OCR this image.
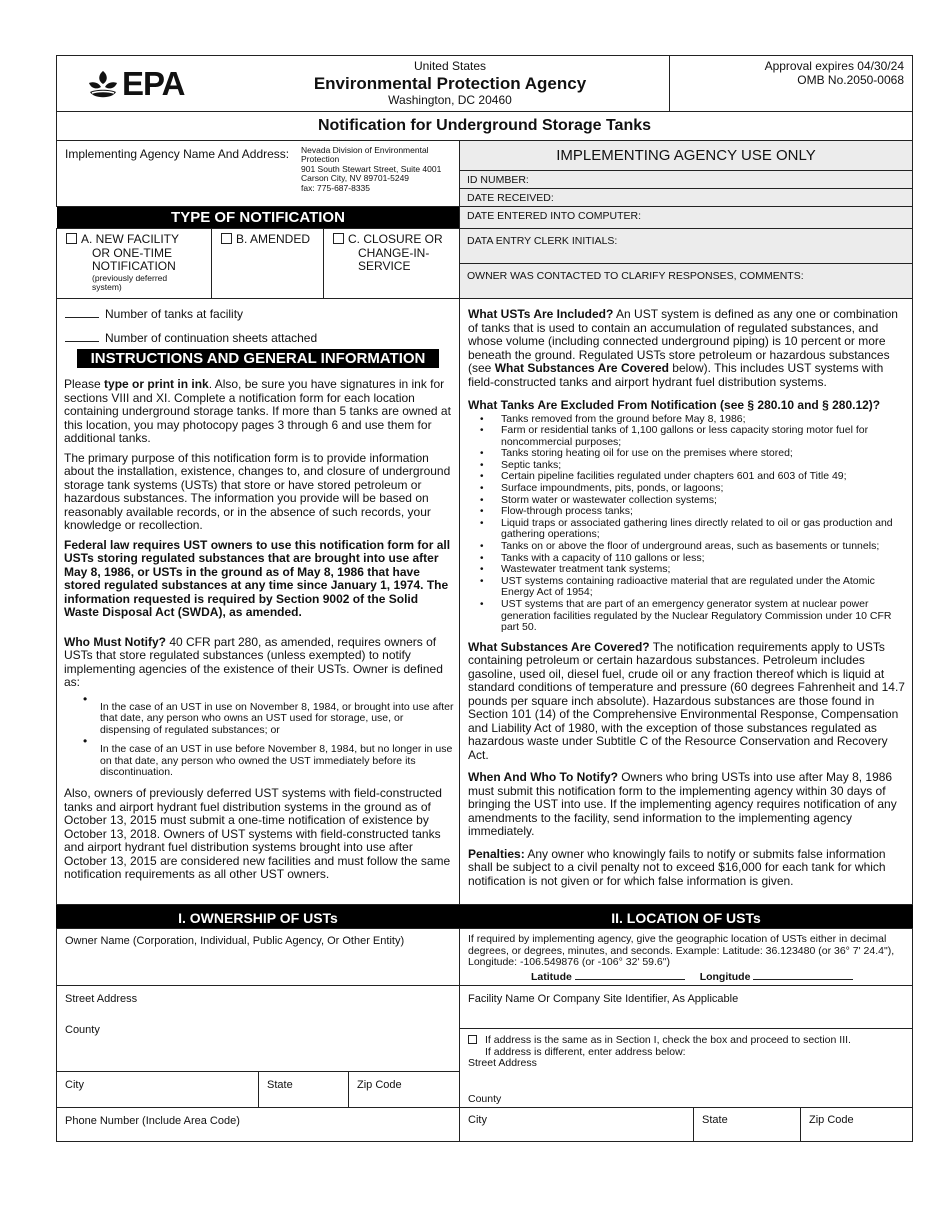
EPA	United States
Environmental Protection Agency
Washington, DC 20460
Approval expires 04/30/24
OMB No.2050-0068
Notification for Underground Storage Tanks
Implementing Agency Name And Address: Nevada Division of Environmental Protection
901 South Stewart Street, Suite 4001
Carson City, NV 89701-5249
fax: 775-687-8335
IMPLEMENTING AGENCY USE ONLY
ID NUMBER:
DATE RECEIVED:
DATE ENTERED INTO COMPUTER:
DATA ENTRY CLERK INITIALS:
OWNER WAS CONTACTED TO CLARIFY RESPONSES, COMMENTS:
TYPE OF NOTIFICATION
A. NEW FACILITY
OR ONE-TIME
NOTIFICATION
(previously deferred
system)
B. AMENDED	C. CLOSURE OR
CHANGE-IN-
SERVICE
Number of tanks at facility
Number of continuation sheets attached
INSTRUCTIONS AND GENERAL INFORMATION

Please type or print in ink. Also, be sure you have signatures in ink for sections VIII and XI. Complete a notification form for each location containing underground storage tanks. If more than 5 tanks are owned at this location, you may photocopy pages 3 through 6 and use them for additional tanks.

The primary purpose of this notification form is to provide information about the installation, existence, changes to, and closure of underground storage tank systems (USTs) that store or have stored petroleum or hazardous substances. The information you provide will be based on reasonably available records, or in the absence of such records, your knowledge or recollection.

Federal law requires UST owners to use this notification form for all USTs storing regulated substances that are brought into use after May 8, 1986, or USTs in the ground as of May 8, 1986 that have stored regulated substances at any time since January 1, 1974. The information requested is required by Section 9002 of the Solid Waste Disposal Act (SWDA), as amended.

Who Must Notify? 40 CFR part 280, as amended, requires owners of USTs that store regulated substances (unless exempted) to notify implementing agencies of the existence of their USTs. Owner is defined as:

• In the case of an UST in use on November 8, 1984, or brought into use after that date, any person who owns an UST used for storage, use, or dispensing of regulated substances; or
• In the case of an UST in use before November 8, 1984, but no longer in use on that date, any person who owned the UST immediately before its discontinuation.

Also, owners of previously deferred UST systems with field-constructed tanks and airport hydrant fuel distribution systems in the ground as of October 13, 2015 must submit a one-time notification of existence by October 13, 2018. Owners of UST systems with field-constructed tanks and airport hydrant fuel distribution systems brought into use after October 13, 2015 are considered new facilities and must follow the same notification requirements as all other UST owners.

What USTs Are Included? An UST system is defined as any one or combination of tanks that is used to contain an accumulation of regulated substances, and whose volume (including connected underground piping) is 10 percent or more beneath the ground. Regulated USTs store petroleum or hazardous substances (see What Substances Are Covered below). This includes UST systems with field-constructed tanks and airport hydrant fuel distribution systems.

What Tanks Are Excluded From Notification (see § 280.10 and § 280.12)?

• Tanks removed from the ground before May 8, 1986;
• Farm or residential tanks of 1,100 gallons or less capacity storing motor fuel for noncommercial purposes;
• Tanks storing heating oil for use on the premises where stored;
• Septic tanks;
• Certain pipeline facilities regulated under chapters 601 and 603 of Title 49;
• Surface impoundments, pits, ponds, or lagoons;
• Storm water or wastewater collection systems;
• Flow-through process tanks;
• Liquid traps or associated gathering lines directly related to oil or gas production and gathering operations;
• Tanks on or above the floor of underground areas, such as basements or tunnels;
• Tanks with a capacity of 110 gallons or less;
• Wastewater treatment tank systems;
• UST systems containing radioactive material that are regulated under the Atomic Energy Act of 1954;
• UST systems that are part of an emergency generator system at nuclear power generation facilities regulated by the Nuclear Regulatory Commission under 10 CFR part 50.

What Substances Are Covered? The notification requirements apply to USTs containing petroleum or certain hazardous substances. Petroleum includes gasoline, used oil, diesel fuel, crude oil or any fraction thereof which is liquid at standard conditions of temperature and pressure (60 degrees Fahrenheit and 14.7 pounds per square inch absolute). Hazardous substances are those found in Section 101 (14) of the Comprehensive Environmental Response, Compensation and Liability Act of 1980, with the exception of those substances regulated as hazardous waste under Subtitle C of the Resource Conservation and Recovery Act.

When And Who To Notify? Owners who bring USTs into use after May 8, 1986 must submit this notification form to the implementing agency within 30 days of bringing the UST into use. If the implementing agency requires notification of any amendments to the facility, send information to the implementing agency immediately.

Penalties: Any owner who knowingly fails to notify or submits false information shall be subject to a civil penalty not to exceed $16,000 for each tank for which notification is not given or for which false information is given.

I. OWNERSHIP OF USTs
Owner Name (Corporation, Individual, Public Agency, Or Other Entity)
Street Address
County
City	State	Zip Code
Phone Number (Include Area Code)
II. LOCATION OF USTs
If required by implementing agency, give the geographic location of USTs either in decimal degrees, or degrees, minutes, and seconds. Example: Latitude: 36.123480 (or 36° 7' 24.4"), Longitude: -106.549876 (or -106° 32' 59.6")
Latitude	Longitude
Facility Name Or Company Site Identifier, As Applicable
If address is the same as in Section I, check the box and proceed to section III.
If address is different, enter address below:
Street Address
County
City	State	Zip Code
